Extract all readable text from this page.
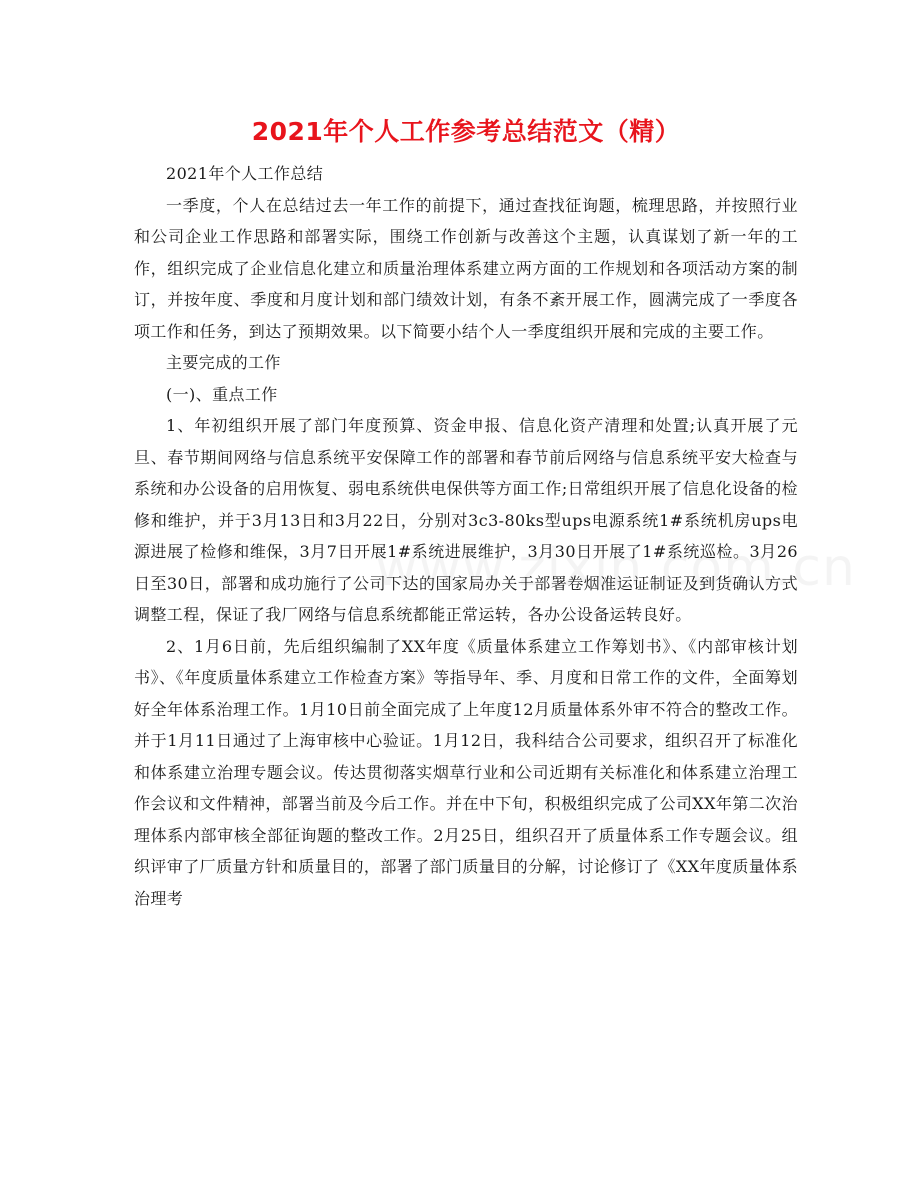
2021年个人工作参考总结范文（精）

2021年个人工作总结

一季度，个人在总结过去一年工作的前提下，通过查找征询题，梳理思路，并按照行业和公司企业工作思路和部署实际，围绕工作创新与改善这个主题，认真谋划了新一年的工作，组织完成了企业信息化建立和质量治理体系建立两方面的工作规划和各项活动方案的制订，并按年度、季度和月度计划和部门绩效计划，有条不紊开展工作，圆满完成了一季度各项工作和任务，到达了预期效果。以下简要小结个人一季度组织开展和完成的主要工作。

主要完成的工作

(一)、重点工作

1、年初组织开展了部门年度预算、资金申报、信息化资产清理和处置;认真开展了元旦、春节期间网络与信息系统平安保障工作的部署和春节前后网络与信息系统平安大检查与系统和办公设备的启用恢复、弱电系统供电保供等方面工作;日常组织开展了信息化设备的检修和维护，并于3月13日和3月22日，分别对3c3-80ks型ups电源系统1#系统机房ups电源进展了检修和维保，3月7日开展1#系统进展维护，3月30日开展了1#系统巡检。3月26日至30日，部署和成功施行了公司下达的国家局办关于部署卷烟准运证制证及到货确认方式调整工程，保证了我厂网络与信息系统都能正常运转，各办公设备运转良好。

2、1月6日前，先后组织编制了XX年度《质量体系建立工作筹划书》、《内部审核计划书》、《年度质量体系建立工作检查方案》等指导年、季、月度和日常工作的文件，全面筹划好全年体系治理工作。1月10日前全面完成了上年度12月质量体系外审不符合的整改工作。并于1月11日通过了上海审核中心验证。1月12日，我科结合公司要求，组织召开了标准化和体系建立治理专题会议。传达贯彻落实烟草行业和公司近期有关标准化和体系建立治理工作会议和文件精神，部署当前及今后工作。并在中下旬，积极组织完成了公司XX年第二次治理体系内部审核全部征询题的整改工作。2月25日，组织召开了质量体系工作专题会议。组织评审了厂质量方针和质量目的，部署了部门质量目的分解，讨论修订了《XX年度质量体系治理考
